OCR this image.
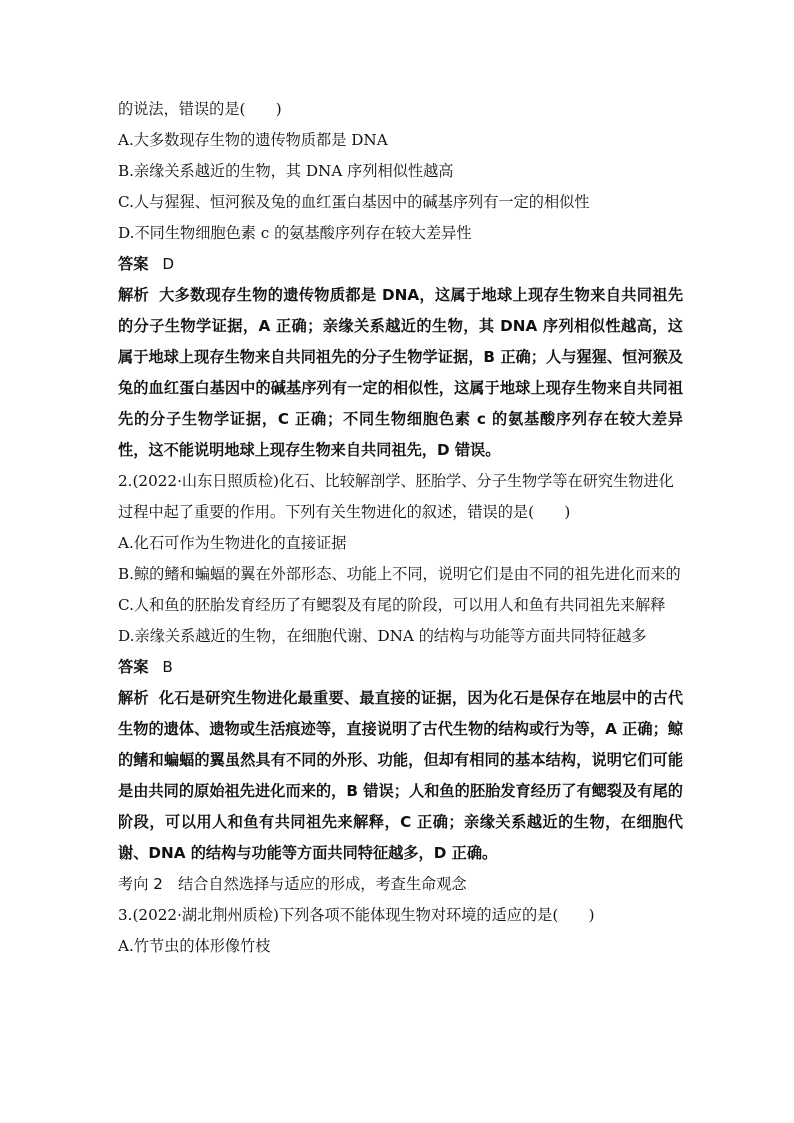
的说法，错误的是(　　)
A.大多数现存生物的遗传物质都是 DNA
B.亲缘关系越近的生物，其 DNA 序列相似性越高
C.人与猩猩、恒河猴及兔的血红蛋白基因中的碱基序列有一定的相似性
D.不同生物细胞色素 c 的氨基酸序列存在较大差异性
答案 D
解析 大多数现存生物的遗传物质都是 DNA，这属于地球上现存生物来自共同祖先的分子生物学证据，A 正确；亲缘关系越近的生物，其 DNA 序列相似性越高，这属于地球上现存生物来自共同祖先的分子生物学证据，B 正确；人与猩猩、恒河猴及兔的血红蛋白基因中的碱基序列有一定的相似性，这属于地球上现存生物来自共同祖先的分子生物学证据，C 正确；不同生物细胞色素 c 的氨基酸序列存在较大差异性，这不能说明地球上现存生物来自共同祖先，D 错误。
2.(2022·山东日照质检)化石、比较解剖学、胚胎学、分子生物学等在研究生物进化过程中起了重要的作用。下列有关生物进化的叙述，错误的是(　　)
A.化石可作为生物进化的直接证据
B.鲸的鳍和蝙蝠的翼在外部形态、功能上不同，说明它们是由不同的祖先进化而来的
C.人和鱼的胚胎发育经历了有鳃裂及有尾的阶段，可以用人和鱼有共同祖先来解释
D.亲缘关系越近的生物，在细胞代谢、DNA 的结构与功能等方面共同特征越多
答案 B
解析 化石是研究生物进化最重要、最直接的证据，因为化石是保存在地层中的古代生物的遗体、遗物或生活痕迹等，直接说明了古代生物的结构或行为等，A 正确；鲸的鳍和蝙蝠的翼虽然具有不同的外形、功能，但却有相同的基本结构，说明它们可能是由共同的原始祖先进化而来的，B 错误；人和鱼的胚胎发育经历了有鳃裂及有尾的阶段，可以用人和鱼有共同祖先来解释，C 正确；亲缘关系越近的生物，在细胞代谢、DNA 的结构与功能等方面共同特征越多，D 正确。
考向 2　结合自然选择与适应的形成，考查生命观念
3.(2022·湖北荆州质检)下列各项不能体现生物对环境的适应的是(　　)
A.竹节虫的体形像竹枝
